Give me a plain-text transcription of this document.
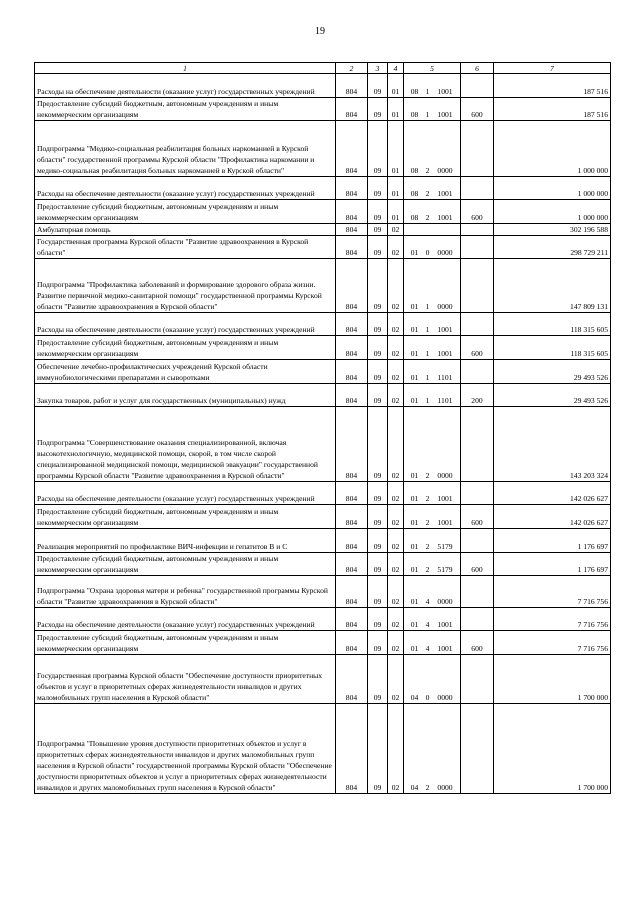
19
1	2	3	4	5	6	7
Расходы на обеспечение деятельности (оказание услуг) государственных учреждений	804	09	01	08 1 1001		187 516
Предоставление субсидий бюджетным, автономным учреждениям и иным некоммерческим организациям	804	09	01	08 1 1001	600	187 516
Подпрограмма "Медико-социальная реабилитация больных наркоманией в Курской области" государственной программы Курской области "Профилактика наркомании и медико-социальная реабилитация больных наркоманией в Курской области"	804	09	01	08 2 0000		1 000 000
Расходы на обеспечение деятельности (оказание услуг) государственных учреждений	804	09	01	08 2 1001		1 000 000
Предоставление субсидий бюджетным, автономным учреждениям и иным некоммерческим организациям	804	09	01	08 2 1001	600	1 000 000
Амбулаторная помощь	804	09	02			302 196 588
Государственная программа Курской области "Развитие здравоохранения в Курской области"	804	09	02	01 0 0000		298 729 211
Подпрограмма "Профилактика заболеваний и формирование здорового образа жизни. Развитие первичной медико-санитарной помощи" государственной программы Курской области "Развитие здравоохранения в Курской области"	804	09	02	01 1 0000		147 809 131
Расходы на обеспечение деятельности (оказание услуг) государственных учреждений	804	09	02	01 1 1001		118 315 605
Предоставление субсидий бюджетным, автономным учреждениям и иным некоммерческим организациям	804	09	02	01 1 1001	600	118 315 605
Обеспечение лечебно-профилактических учреждений Курской области иммунобиологическими препаратами и сыворотками	804	09	02	01 1 1101		29 493 526
Закупка товаров, работ и услуг для государственных (муниципальных) нужд	804	09	02	01 1 1101	200	29 493 526
Подпрограмма "Совершенствование оказания специализированной, включая высокотехнологичную, медицинской помощи, скорой, в том числе скорой специализированной медицинской помощи, медицинской эвакуации" государственной программы Курской области "Развитие здравоохранения в Курской области"	804	09	02	01 2 0000		143 203 324
Расходы на обеспечение деятельности (оказание услуг) государственных учреждений	804	09	02	01 2 1001		142 026 627
Предоставление субсидий бюджетным, автономным учреждениям и иным некоммерческим организациям	804	09	02	01 2 1001	600	142 026 627
Реализация мероприятий по профилактике ВИЧ-инфекции и гепатитов В и С	804	09	02	01 2 5179		1 176 697
Предоставление субсидий бюджетным, автономным учреждениям и иным некоммерческим организациям	804	09	02	01 2 5179	600	1 176 697
Подпрограмма "Охрана здоровья матери и ребенка" государственной программы Курской области "Развитие здравоохранения в Курской области"	804	09	02	01 4 0000		7 716 756
Расходы на обеспечение деятельности (оказание услуг) государственных учреждений	804	09	02	01 4 1001		7 716 756
Предоставление субсидий бюджетным, автономным учреждениям и иным некоммерческим организациям	804	09	02	01 4 1001	600	7 716 756
Государственная программа Курской области "Обеспечение доступности приоритетных объектов и услуг в приоритетных сферах жизнедеятельности инвалидов и других маломобильных групп населения в Курской области"	804	09	02	04 0 0000		1 700 000
Подпрограмма "Повышение уровня доступности приоритетных объектов и услуг в приоритетных сферах жизнедеятельности инвалидов и других маломобильных групп населения в Курской области" государственной программы Курской области "Обеспечение доступности приоритетных объектов и услуг в приоритетных сферах жизнедеятельности инвалидов и других маломобильных групп населения в Курской области"	804	09	02	04 2 0000		1 700 000
